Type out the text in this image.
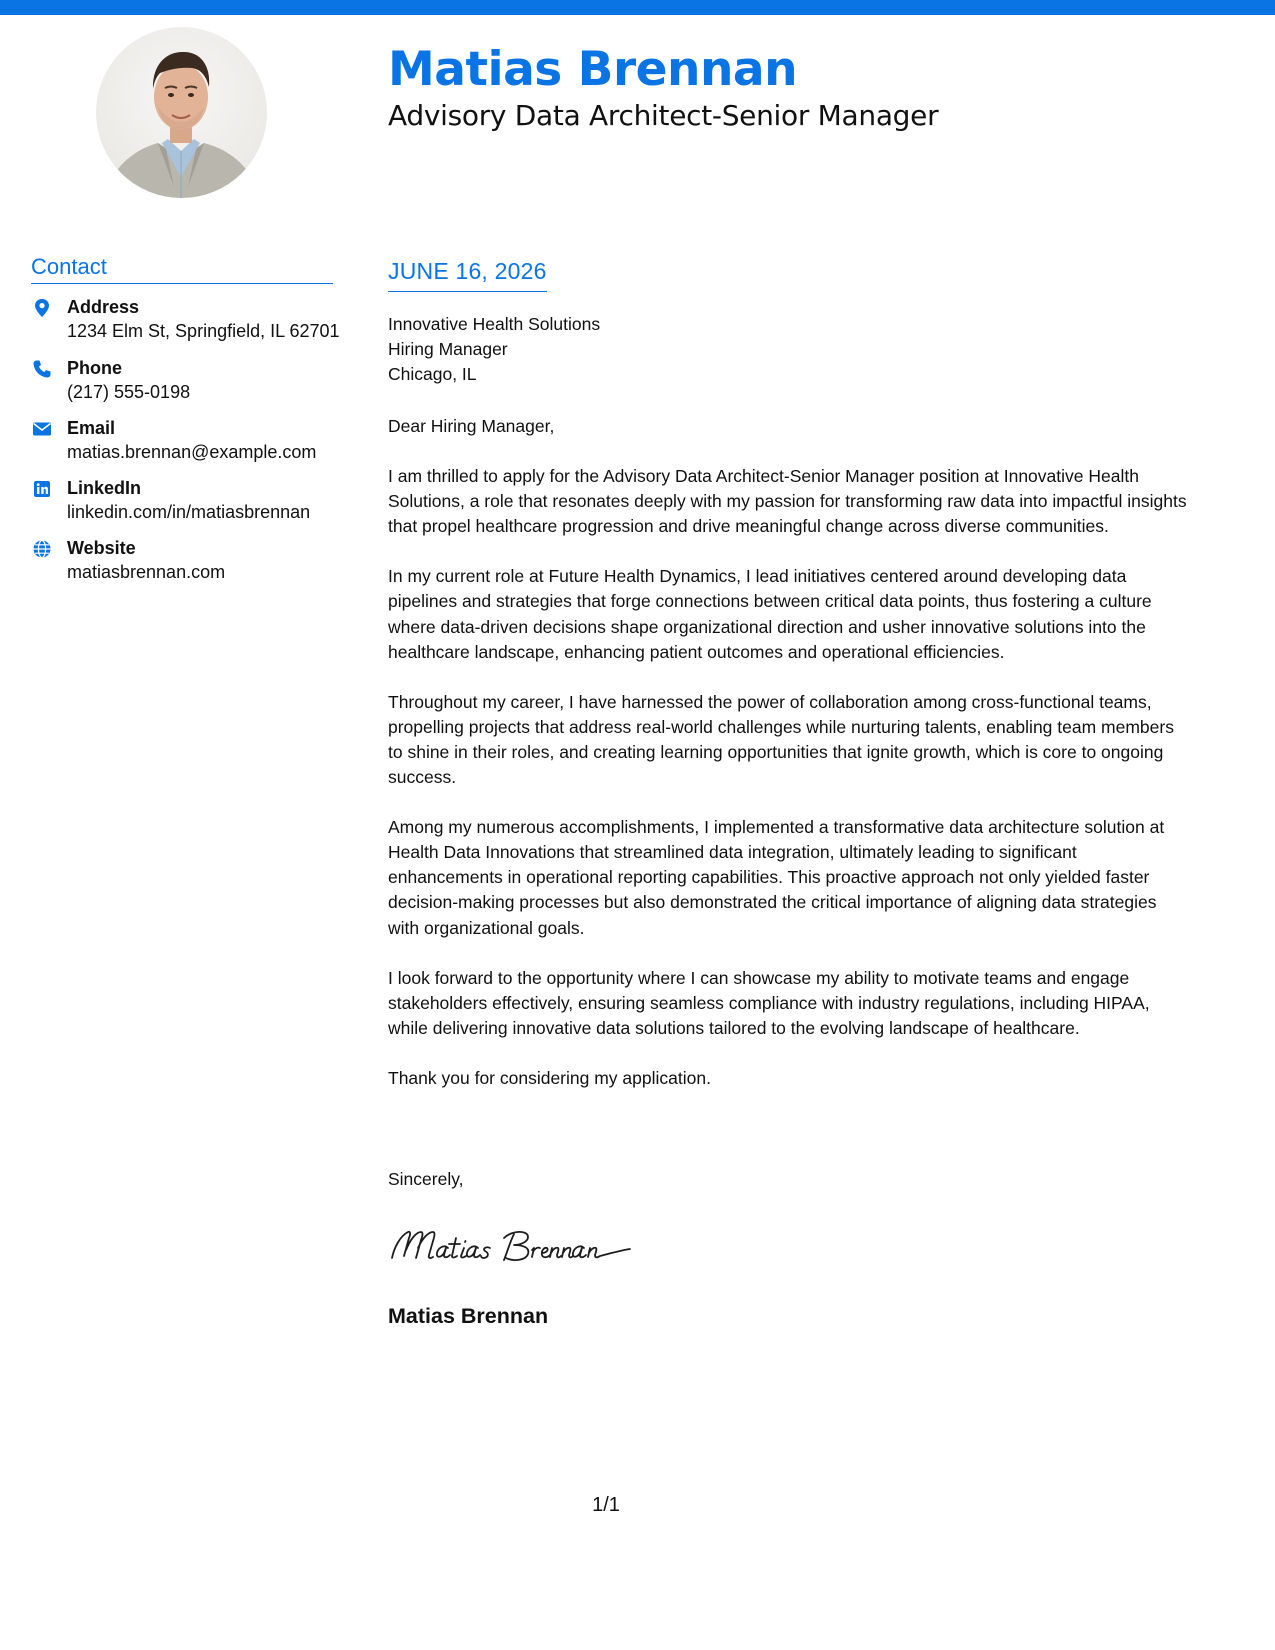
Matias Brennan
Advisory Data Architect-Senior Manager
Contact
Address
1234 Elm St, Springfield, IL 62701
Phone
(217) 555-0198
Email
matias.brennan@example.com
LinkedIn
linkedin.com/in/matiasbrennan
Website
matiasbrennan.com
JUNE 16, 2026
Innovative Health Solutions
Hiring Manager
Chicago, IL

Dear Hiring Manager,

I am thrilled to apply for the Advisory Data Architect-Senior Manager position at Innovative Health Solutions, a role that resonates deeply with my passion for transforming raw data into impactful insights that propel healthcare progression and drive meaningful change across diverse communities.

In my current role at Future Health Dynamics, I lead initiatives centered around developing data pipelines and strategies that forge connections between critical data points, thus fostering a culture where data-driven decisions shape organizational direction and usher innovative solutions into the healthcare landscape, enhancing patient outcomes and operational efficiencies.

Throughout my career, I have harnessed the power of collaboration among cross-functional teams, propelling projects that address real-world challenges while nurturing talents, enabling team members to shine in their roles, and creating learning opportunities that ignite growth, which is core to ongoing success.

Among my numerous accomplishments, I implemented a transformative data architecture solution at Health Data Innovations that streamlined data integration, ultimately leading to significant enhancements in operational reporting capabilities. This proactive approach not only yielded faster decision-making processes but also demonstrated the critical importance of aligning data strategies with organizational goals.

I look forward to the opportunity where I can showcase my ability to motivate teams and engage stakeholders effectively, ensuring seamless compliance with industry regulations, including HIPAA, while delivering innovative data solutions tailored to the evolving landscape of healthcare.

Thank you for considering my application.

Sincerely,
Matias Brennan
1/1
